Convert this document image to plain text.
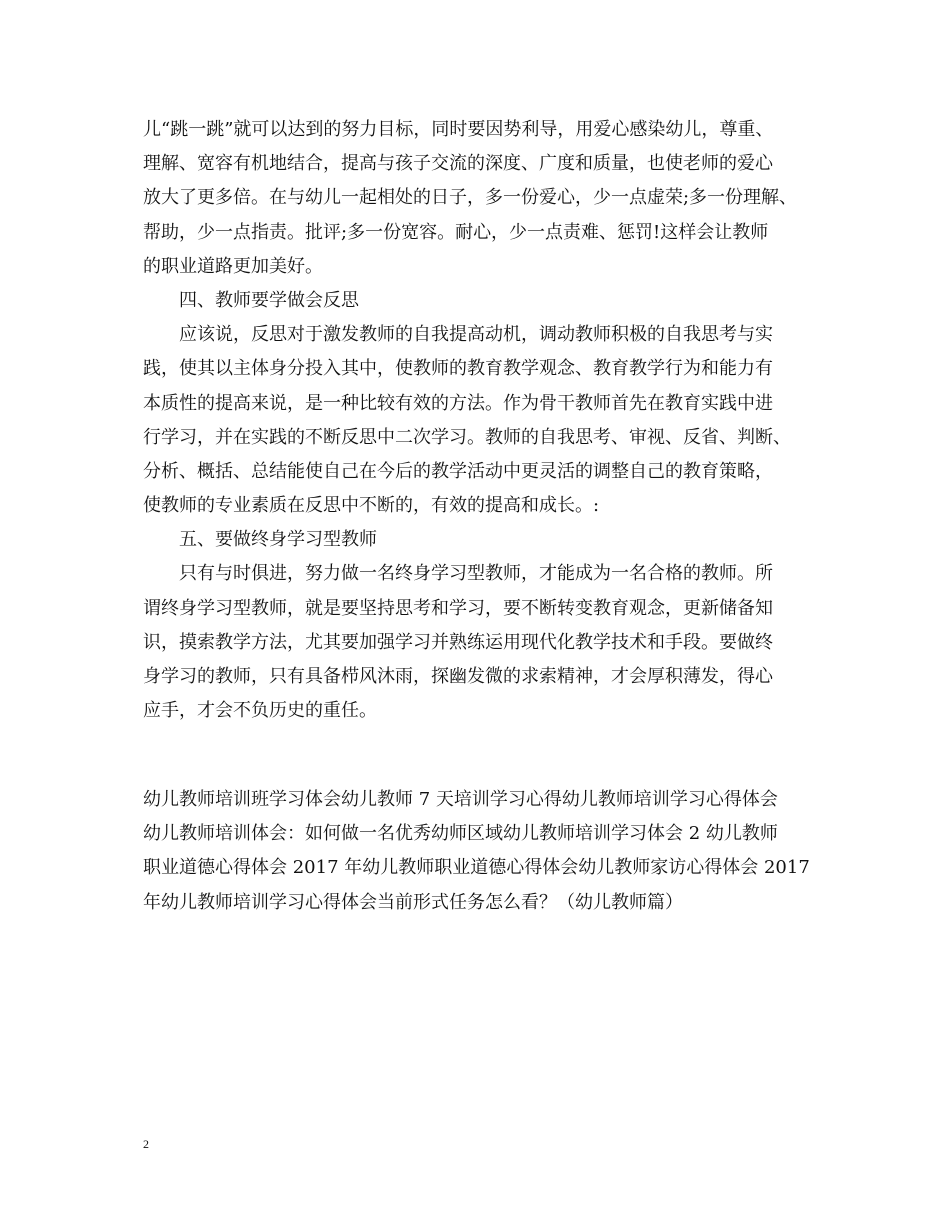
儿“跳一跳”就可以达到的努力目标，同时要因势利导，用爱心感染幼儿，尊重、
理解、宽容有机地结合，提高与孩子交流的深度、广度和质量，也使老师的爱心
放大了更多倍。在与幼儿一起相处的日子，多一份爱心，少一点虚荣;多一份理解、
帮助，少一点指责。批评;多一份宽容。耐心，少一点责难、惩罚!这样会让教师
的职业道路更加美好。
四、教师要学做会反思
应该说，反思对于激发教师的自我提高动机，调动教师积极的自我思考与实
践，使其以主体身分投入其中，使教师的教育教学观念、教育教学行为和能力有
本质性的提高来说，是一种比较有效的方法。作为骨干教师首先在教育实践中进
行学习，并在实践的不断反思中二次学习。教师的自我思考、审视、反省、判断、
分析、概括、总结能使自己在今后的教学活动中更灵活的调整自己的教育策略，
使教师的专业素质在反思中不断的，有效的提高和成长。:
五、要做终身学习型教师
只有与时俱进，努力做一名终身学习型教师，才能成为一名合格的教师。所
谓终身学习型教师，就是要坚持思考和学习，要不断转变教育观念，更新储备知
识，摸索教学方法，尤其要加强学习并熟练运用现代化教学技术和手段。要做终
身学习的教师，只有具备栉风沐雨，探幽发微的求索精神，才会厚积薄发，得心
应手，才会不负历史的重任。
幼儿教师培训班学习体会幼儿教师 7 天培训学习心得幼儿教师培训学习心得体会
幼儿教师培训体会：如何做一名优秀幼师区域幼儿教师培训学习体会 2 幼儿教师
职业道德心得体会 2017 年幼儿教师职业道德心得体会幼儿教师家访心得体会 2017
年幼儿教师培训学习心得体会当前形式任务怎么看？（幼儿教师篇）
2
